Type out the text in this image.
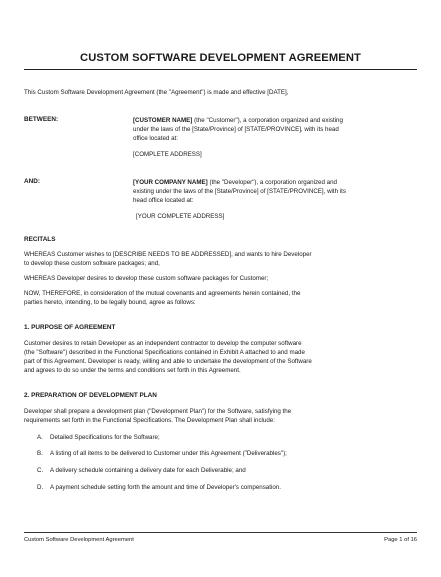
CUSTOM SOFTWARE DEVELOPMENT AGREEMENT
This Custom Software Development Agreement (the "Agreement") is made and effective [DATE],
BETWEEN:	[CUSTOMER NAME] (the "Customer"), a corporation organized and existing
under the laws of the [State/Province] of [STATE/PROVINCE], with its head
office located at:
[COMPLETE ADDRESS]
AND:	[YOUR COMPANY NAME] (the "Developer"), a corporation organized and
existing under the laws of the [State/Province] of [STATE/PROVINCE], with its
head office located at:
[YOUR COMPLETE ADDRESS]
RECITALS
WHEREAS Customer wishes to [DESCRIBE NEEDS TO BE ADDRESSED], and wants to hire Developer
to develop these custom software packages; and,
WHEREAS Developer desires to develop these custom software packages for Customer;
NOW, THEREFORE, in consideration of the mutual covenants and agreements herein contained, the
parties hereto, intending, to be legally bound, agree as follows:
1. PURPOSE OF AGREEMENT
Customer desires to retain Developer as an independent contractor to develop the computer software
(the "Software") described in the Functional Specifications contained in Exhibit A attached to and made
part of this Agreement. Developer is ready, willing and able to undertake the development of the Software
and agrees to do so under the terms and conditions set forth in this Agreement.
2. PREPARATION OF DEVELOPMENT PLAN
Developer shall prepare a development plan ("Development Plan") for the Software, satisfying the
requirements set forth in the Functional Specifications. The Development Plan shall include:
A. Detailed Specifications for the Software;
B. A listing of all items to be delivered to Customer under this Agreement ("Deliverables");
C. A delivery schedule containing a delivery date for each Deliverable; and
D. A payment schedule setting forth the amount and time of Developer's compensation.
Custom Software Development Agreement	Page 1 of 16
